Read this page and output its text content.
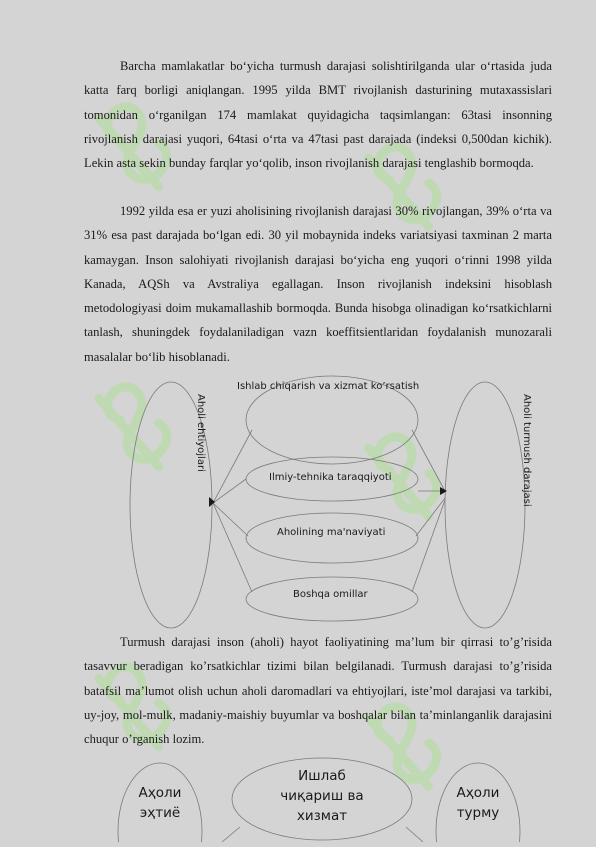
Barcha mamlakatlar bo‘yicha turmush darajasi solishtirilganda ular o‘rtasida juda katta farq borligi aniqlangan. 1995 yilda BMT rivojlanish dasturining mutaxassislari tomonidan o‘rganilgan 174 mamlakat quyidagicha taqsimlangan: 63tasi insonning rivojlanish darajasi yuqori, 64tasi o‘rta va 47tasi past darajada (indeksi 0,500dan kichik). Lekin asta sekin bunday farqlar yo‘qolib, inson rivojlanish darajasi tenglashib bormoqda.

1992 yilda esa er yuzi aholisining rivojlanish darajasi 30% rivojlangan, 39% o‘rta va 31% esa past darajada bo‘lgan edi. 30 yil mobaynida indeks variatsiyasi taxminan 2 marta kamaygan. Inson salohiyati rivojlanish darajasi bo‘yicha eng yuqori o‘rinni 1998 yilda Kanada, AQSh va Avstraliya egallagan. Inson rivojlanish indeksini hisoblash metodologiyasi doim mukamallashib bormoqda. Bunda hisobga olinadigan ko‘rsatkichlarni tanlash, shuningdek foydalaniladigan vazn koeffitsientlaridan foydalanish munozarali masalalar bo‘lib hisoblanadi.

Aholi ehtiyojlari	Aholi turmush darajasi
Ishlab chiqarish va xizmat ko’rsatish
Ilmiy-tehnika taraqqiyoti
Aholining ma'naviyati
Boshqa omillar

Turmush darajasi inson (aholi) hayot faoliyatining ma’lum bir qirrasi to’g’risida tasavvur beradigan ko’rsatkichlar tizimi bilan belgilanadi. Turmush darajasi to’g’risida batafsil ma’lumot olish uchun aholi daromadlari va ehtiyojlari, iste’mol darajasi va tarkibi, uy-joy, mol-mulk, madaniy-maishiy buyumlar va boshqalar bilan ta’minlanganlik darajasini chuqur o’rganish lozim.

Аҳоли
эҳтиё
Ишлаб
чиқариш ва
хизмат
Аҳоли
турму
